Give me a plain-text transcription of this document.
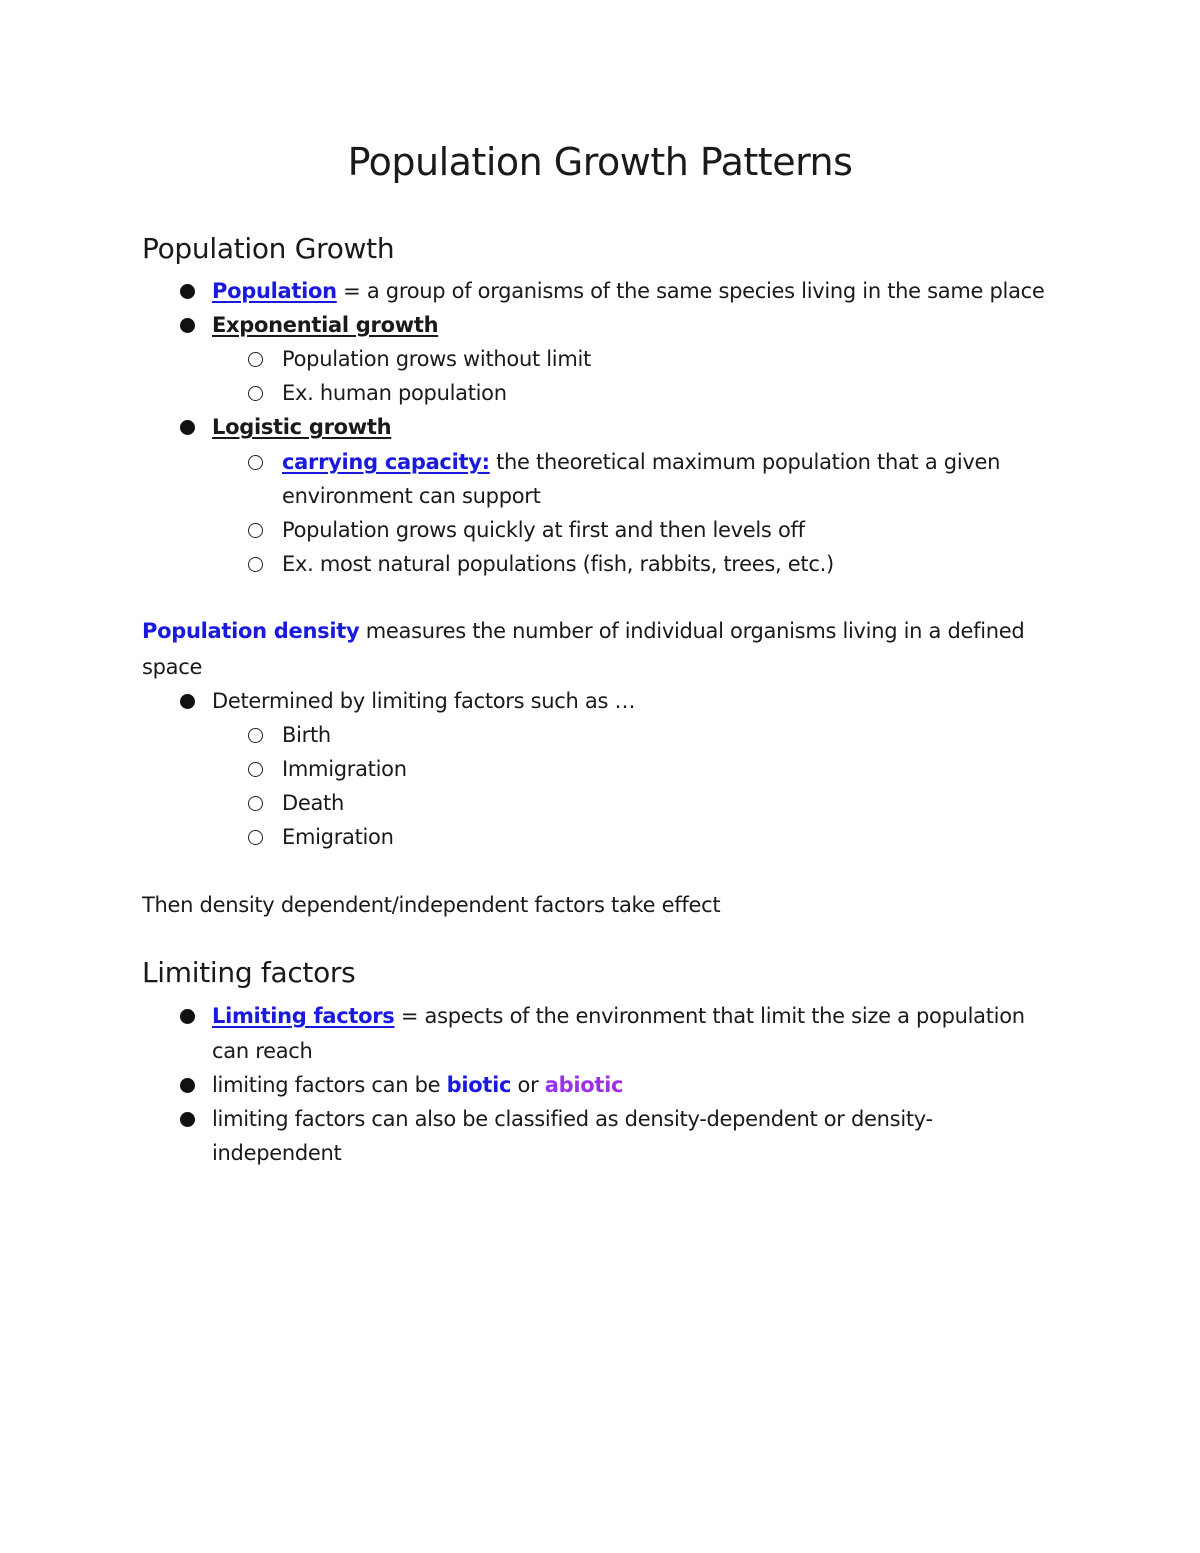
Population Growth Patterns
Population Growth
Population = a group of organisms of the same species living in the same place
Exponential growth
Population grows without limit
Ex. human population
Logistic growth
carrying capacity: the theoretical maximum population that a given
environment can support
Population grows quickly at first and then levels off
Ex. most natural populations (fish, rabbits, trees, etc.)
Population density measures the number of individual organisms living in a defined
space
Determined by limiting factors such as …
Birth
Immigration
Death
Emigration
Then density dependent/independent factors take effect
Limiting factors
Limiting factors = aspects of the environment that limit the size a population
can reach
limiting factors can be biotic or abiotic
limiting factors can also be classified as density-dependent or density-
independent
